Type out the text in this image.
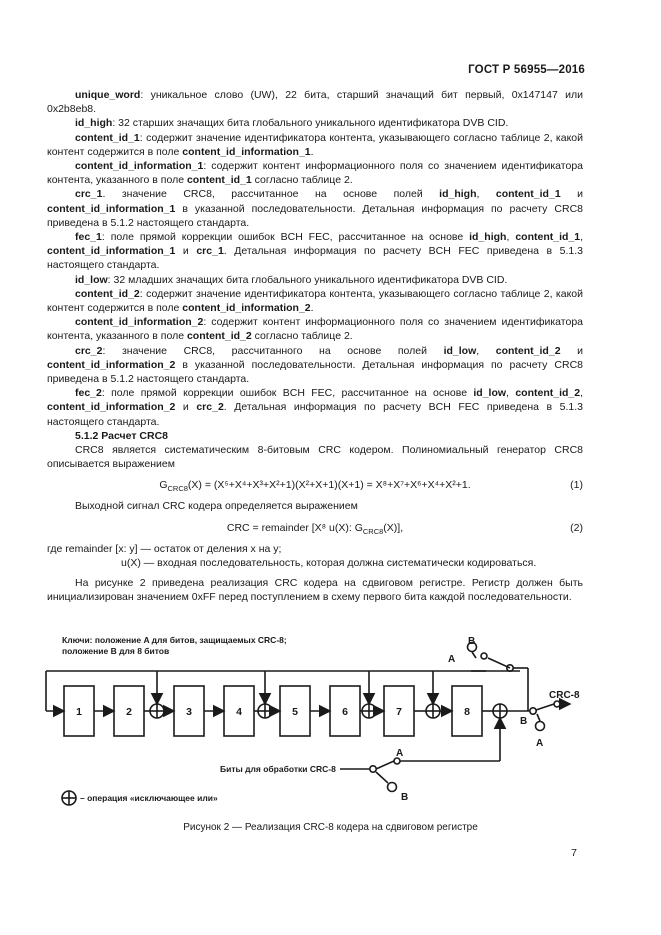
ГОСТ Р 56955—2016

unique_word: уникальное слово (UW), 22 бита, старший значащий бит первый, 0x147147 или 0x2b8eb8.

id_high: 32 старших значащих бита глобального уникального идентификатора DVB CID.

content_id_1: содержит значение идентификатора контента, указывающего согласно таблице 2, какой контент содержится в поле content_id_information_1.

content_id_information_1: содержит контент информационного поля со значением идентификатора контента, указанного в поле content_id_1 согласно таблице 2.

crc_1. значение CRC8, рассчитанное на основе полей id_high, content_id_1 и content_id_information_1 в указанной последовательности. Детальная информация по расчету CRC8 приведена в 5.1.2 настоящего стандарта.

fec_1: поле прямой коррекции ошибок BCH FEC, рассчитанное на основе id_high, content_id_1, content_id_information_1 и crc_1. Детальная информация по расчету BCH FEC приведена в 5.1.3 настоящего стандарта.

id_low: 32 младших значащих бита глобального уникального идентификатора DVB CID.

content_id_2: содержит значение идентификатора контента, указывающего согласно таблице 2, какой контент содержится в поле content_id_information_2.

content_id_information_2: содержит контент информационного поля со значением идентификатора контента, указанного в поле content_id_2 согласно таблице 2.

crc_2: значение CRC8, рассчитанного на основе полей id_low, content_id_2 и content_id_information_2 в указанной последовательности. Детальная информация по расчету CRC8 приведена в 5.1.2 настоящего стандарта.

fec_2: поле прямой коррекции ошибок BCH FEC, рассчитанное на основе id_low, content_id_2, content_id_information_2 и crc_2. Детальная информация по расчету BCH FEC приведена в 5.1.3 настоящего стандарта.

5.1.2 Расчет CRC8

CRC8 является систематическим 8-битовым CRC кодером. Полиномиальный генератор CRC8 описывается выражением

$G_{CRC8}(X) = (X^5+X^4+X^3+X^2+1)(X^2+X+1)(X+1) = X^8+X^7+X^6+X^4+X^2+1$.	(1)

Выходной сигнал CRC кодера определяется выражением

CRC = remainder [X⁸ u(X): $G_{CRC8}(X)$],	(2)

где remainder [x: y] — остаток от деления x на y;

u(X) — входная последовательность, которая должна систематически кодироваться.

На рисунке 2 приведена реализация CRC кодера на сдвиговом регистре. Регистр должен быть инициализирован значением 0xFF перед поступлением в схему первого бита каждой последовательности.

Ключи: положение A для битов, защищаемых CRC-8;
положение B для 8 битов
1	2	3	4	5	6	7	8
B
A
CRC-8
B
A
A
B
Биты для обработки CRC-8
– операция «исключающее или»
Рисунок 2 — Реализация CRC-8 кодера на сдвиговом регистре
7
